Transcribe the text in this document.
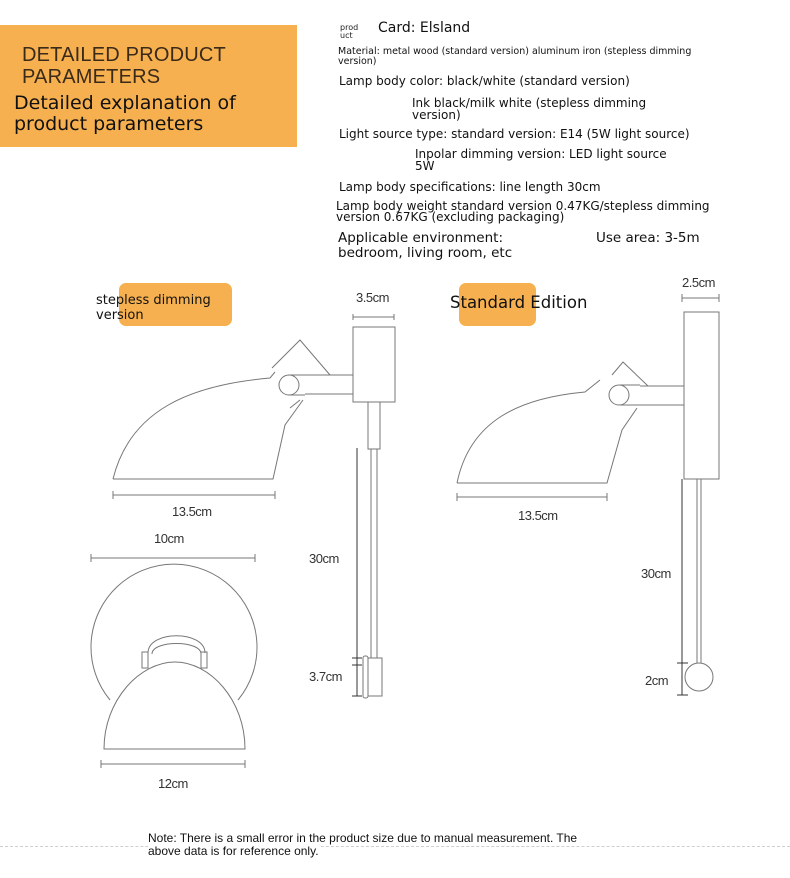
DETAILED PRODUCT
PARAMETERS
Detailed explanation of
product parameters
prod
uct	Card: Elsland
Material: metal wood (standard version) aluminum iron (stepless dimming
version)
Lamp body color: black/white (standard version)
Ink black/milk white (stepless dimming
version)
Light source type: standard version: E14 (5W light source)
Inpolar dimming version: LED light source
5W
Lamp body specifications: line length 30cm
Lamp body weight standard version 0.47KG/stepless dimming
version 0.67KG (excluding packaging)
Applicable environment:
bedroom, living room, etc
Use area: 3-5m
stepless dimming
version
Standard Edition
3.5cm
13.5cm
30cm
3.7cm
10cm
12cm
2.5cm
13.5cm
30cm
2cm
Note: There is a small error in the product size due to manual measurement. The
above data is for reference only.
